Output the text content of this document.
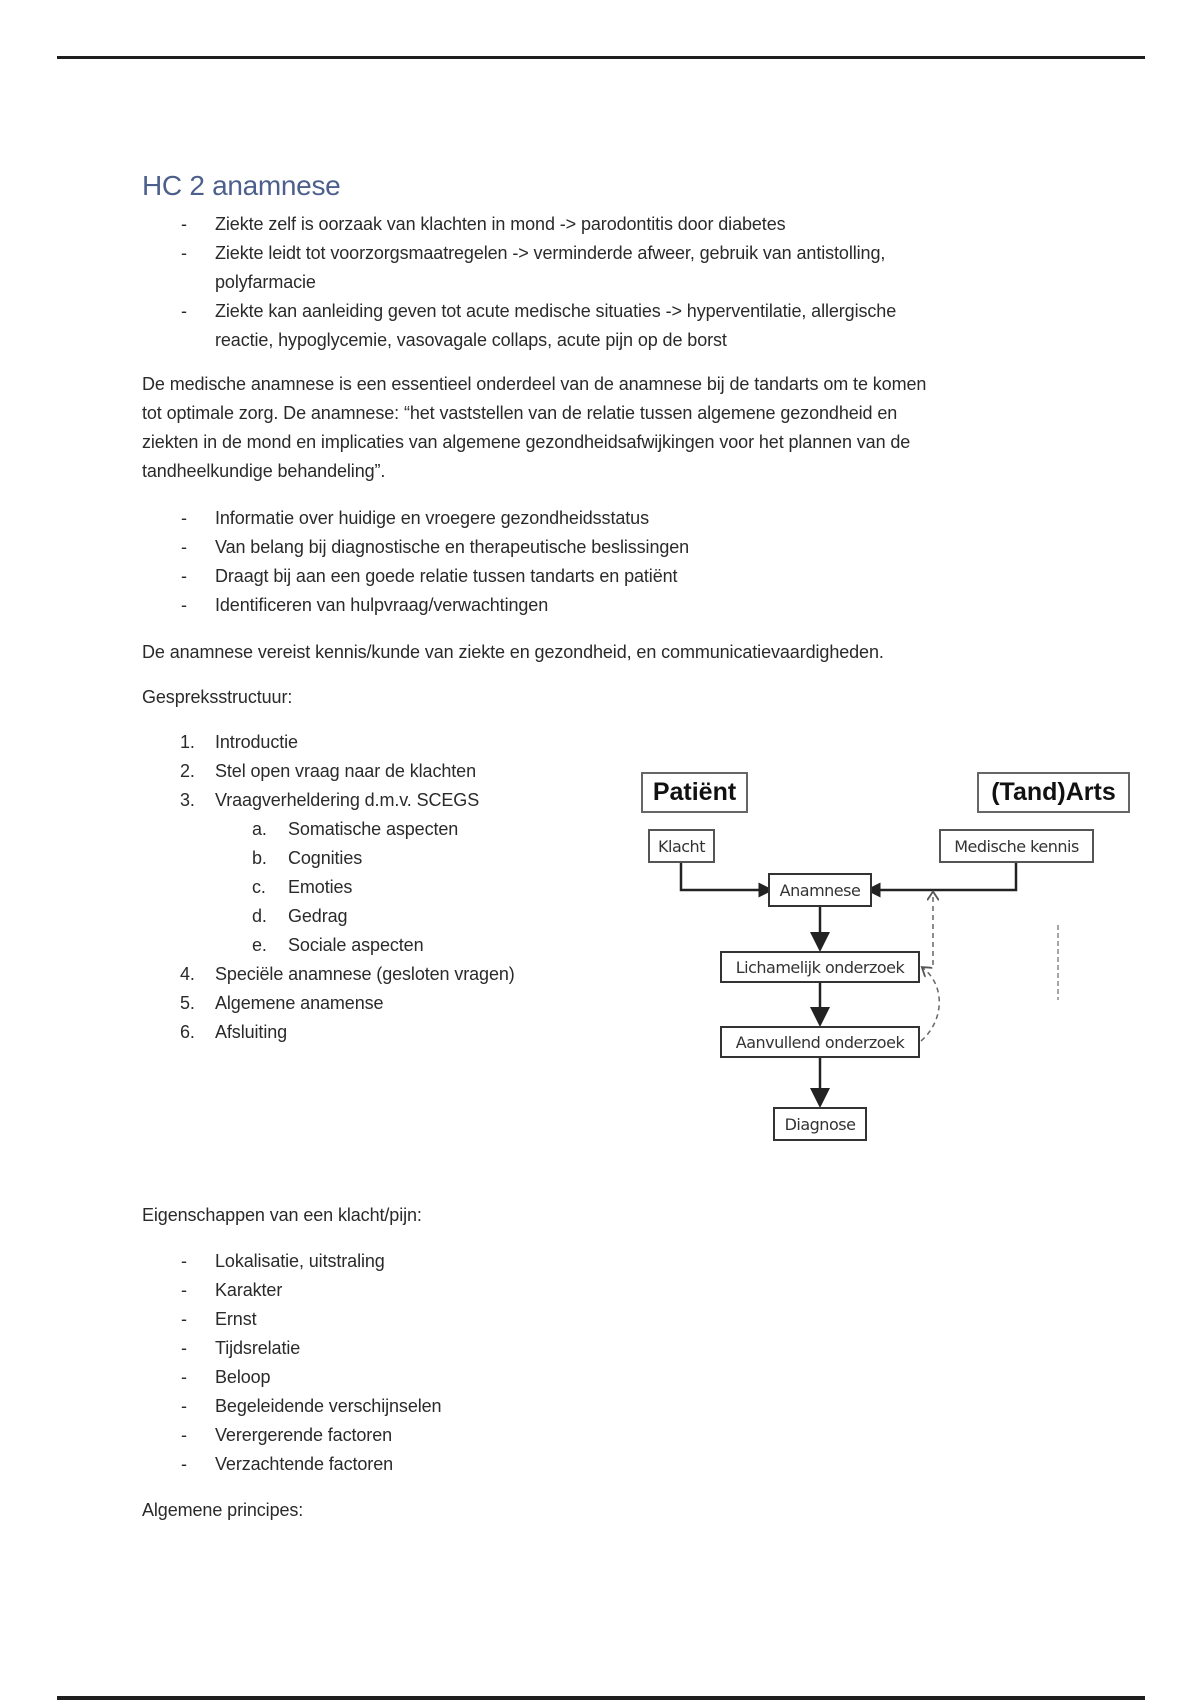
HC 2 anamnese
- Ziekte zelf is oorzaak van klachten in mond -> parodontitis door diabetes
- Ziekte leidt tot voorzorgsmaatregelen -> verminderde afweer, gebruik van antistolling,
polyfarmacie
- Ziekte kan aanleiding geven tot acute medische situaties -> hyperventilatie, allergische
reactie, hypoglycemie, vasovagale collaps, acute pijn op de borst
De medische anamnese is een essentieel onderdeel van de anamnese bij de tandarts om te komen
tot optimale zorg. De anamnese: “het vaststellen van de relatie tussen algemene gezondheid en
ziekten in de mond en implicaties van algemene gezondheidsafwijkingen voor het plannen van de
tandheelkundige behandeling”.
- Informatie over huidige en vroegere gezondheidsstatus
- Van belang bij diagnostische en therapeutische beslissingen
- Draagt bij aan een goede relatie tussen tandarts en patiënt
- Identificeren van hulpvraag/verwachtingen
De anamnese vereist kennis/kunde van ziekte en gezondheid, en communicatievaardigheden.
Gespreksstructuur:
1. Introductie
2. Stel open vraag naar de klachten
3. Vraagverheldering d.m.v. SCEGS
a. Somatische aspecten
b. Cognities
c. Emoties
d. Gedrag
e. Sociale aspecten
4. Speciële anamnese (gesloten vragen)
5. Algemene anamense
6. Afsluiting
Patiënt	(Tand)Arts
Klacht	Medische kennis
Anamnese
Lichamelijk onderzoek
Aanvullend onderzoek
Diagnose
Eigenschappen van een klacht/pijn:
- Lokalisatie, uitstraling
- Karakter
- Ernst
- Tijdsrelatie
- Beloop
- Begeleidende verschijnselen
- Verergerende factoren
- Verzachtende factoren
Algemene principes:
